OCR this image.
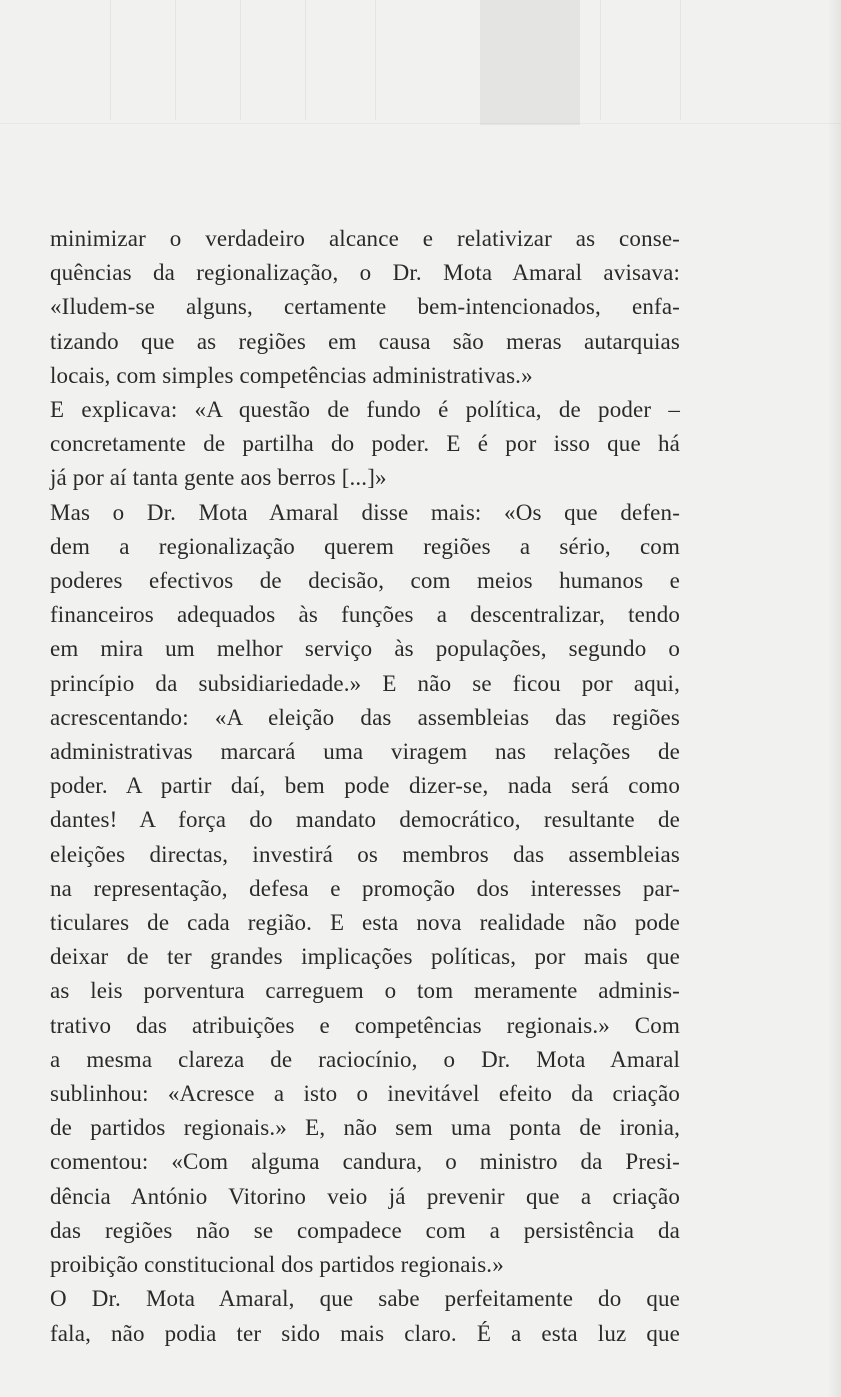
minimizar o verdadeiro alcance e relativizar as conse-
quências da regionalização, o Dr. Mota Amaral avisava:
«Iludem-se alguns, certamente bem-intencionados, enfa-
tizando que as regiões em causa são meras autarquias
locais, com simples competências administrativas.»
E explicava: «A questão de fundo é política, de poder –
concretamente de partilha do poder. E é por isso que há
já por aí tanta gente aos berros [...]»
Mas o Dr. Mota Amaral disse mais: «Os que defen-
dem a regionalização querem regiões a sério, com
poderes efectivos de decisão, com meios humanos e
financeiros adequados às funções a descentralizar, tendo
em mira um melhor serviço às populações, segundo o
princípio da subsidiariedade.» E não se ficou por aqui,
acrescentando: «A eleição das assembleias das regiões
administrativas marcará uma viragem nas relações de
poder. A partir daí, bem pode dizer-se, nada será como
dantes! A força do mandato democrático, resultante de
eleições directas, investirá os membros das assembleias
na representação, defesa e promoção dos interesses par-
ticulares de cada região. E esta nova realidade não pode
deixar de ter grandes implicações políticas, por mais que
as leis porventura carreguem o tom meramente adminis-
trativo das atribuições e competências regionais.» Com
a mesma clareza de raciocínio, o Dr. Mota Amaral
sublinhou: «Acresce a isto o inevitável efeito da criação
de partidos regionais.» E, não sem uma ponta de ironia,
comentou: «Com alguma candura, o ministro da Presi-
dência António Vitorino veio já prevenir que a criação
das regiões não se compadece com a persistência da
proibição constitucional dos partidos regionais.»
O Dr. Mota Amaral, que sabe perfeitamente do que
fala, não podia ter sido mais claro. É a esta luz que
